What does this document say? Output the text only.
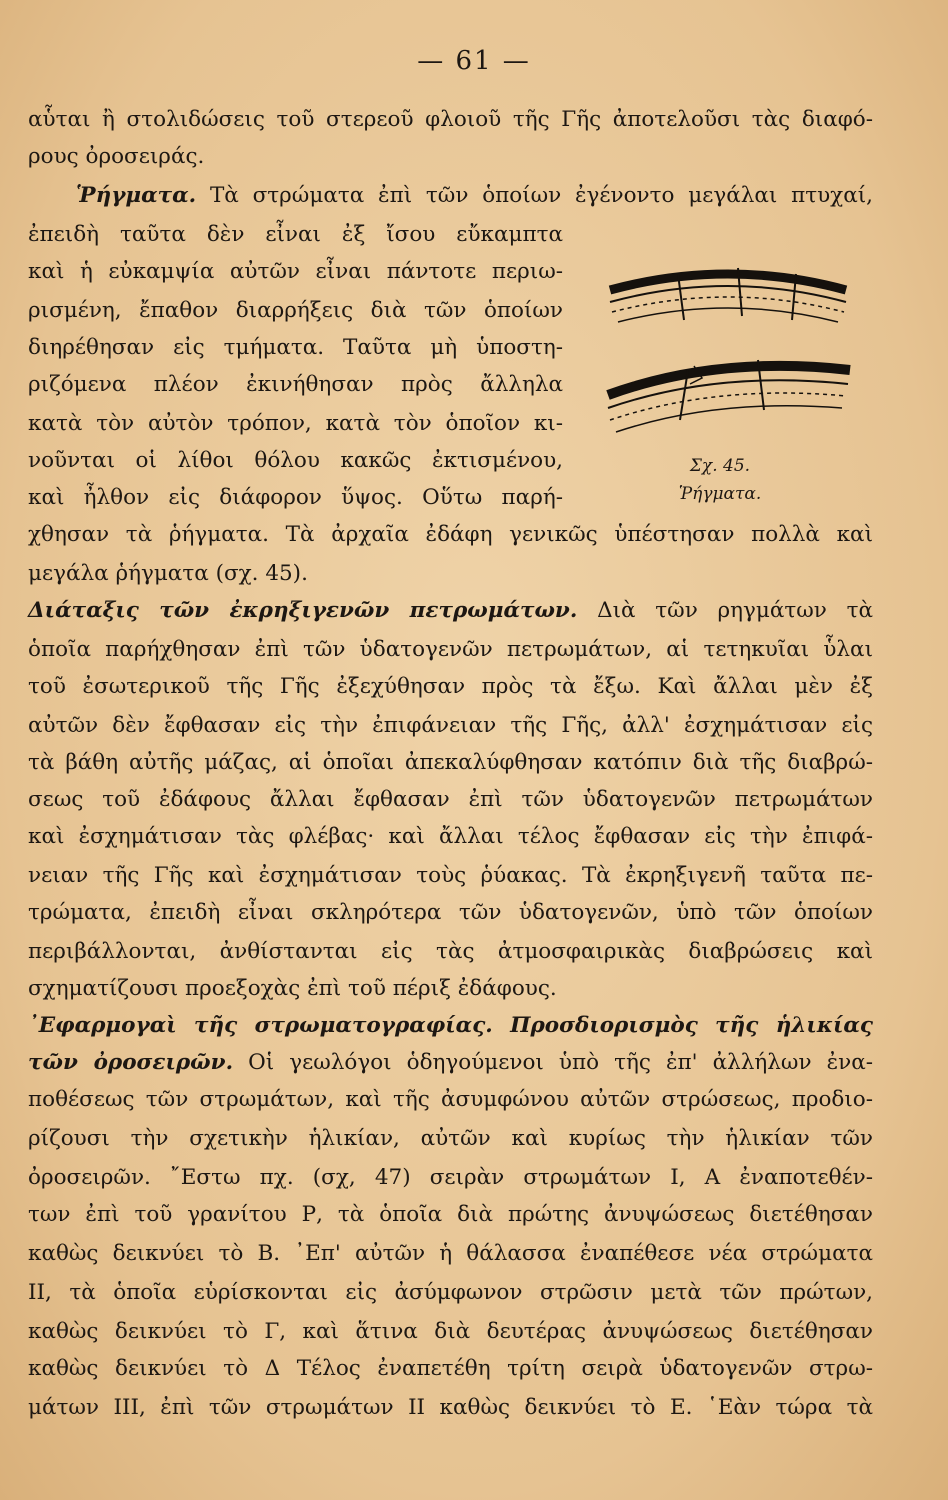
— 61 —
αὗται ἢ στολιδώσεις τοῦ στερεοῦ φλοιοῦ τῆς Γῆς ἀποτελοῦσι τὰς διαφό-
ρους ὀροσειράς.
Ῥήγματα. Τὰ στρώματα ἐπὶ τῶν ὁποίων ἐγένοντο μεγάλαι πτυχαί,
ἐπειδὴ ταῦτα δὲν εἶναι ἐξ ἴσου εὔκαμπτα
καὶ ἡ εὐκαμψία αὐτῶν εἶναι πάντοτε περιω-
ρισμένη, ἔπαθον διαρρήξεις διὰ τῶν ὁποίων
διηρέθησαν εἰς τμήματα. Ταῦτα μὴ ὑποστη-
ριζόμενα πλέον ἐκινήθησαν πρὸς ἄλληλα
κατὰ τὸν αὐτὸν τρόπον, κατὰ τὸν ὁποῖον κι-
νοῦνται οἱ λίθοι θόλου κακῶς ἐκτισμένου,
καὶ ἦλθον εἰς διάφορον ὕψος. Οὕτω παρή-
χθησαν τὰ ῥήγματα. Τὰ ἀρχαῖα ἐδάφη γενικῶς ὑπέστησαν πολλὰ καὶ
μεγάλα ῥήγματα (σχ. 45).
Διάταξις τῶν ἐκρηξιγενῶν πετρωμάτων. Διὰ τῶν ρηγμάτων τὰ
ὁποῖα παρήχθησαν ἐπὶ τῶν ὑδατογενῶν πετρωμάτων, αἱ τετηκυῖαι ὗλαι
τοῦ ἐσωτερικοῦ τῆς Γῆς ἐξεχύθησαν πρὸς τὰ ἔξω. Καὶ ἄλλαι μὲν ἐξ
αὐτῶν δὲν ἔφθασαν εἰς τὴν ἐπιφάνειαν τῆς Γῆς, ἀλλ' ἐσχημάτισαν εἰς
τὰ βάθη αὐτῆς μάζας, αἱ ὁποῖαι ἀπεκαλύφθησαν κατόπιν διὰ τῆς διαβρώ-
σεως τοῦ ἐδάφους ἄλλαι ἔφθασαν ἐπὶ τῶν ὑδατογενῶν πετρωμάτων
καὶ ἐσχημάτισαν τὰς φλέβας· καὶ ἄλλαι τέλος ἔφθασαν εἰς τὴν ἐπιφά-
νειαν τῆς Γῆς καὶ ἐσχημάτισαν τοὺς ῥύακας. Τὰ ἐκρηξιγενῆ ταῦτα πε-
τρώματα, ἐπειδὴ εἶναι σκληρότερα τῶν ὑδατογενῶν, ὑπὸ τῶν ὁποίων
περιβάλλονται, ἀνθίστανται εἰς τὰς ἀτμοσφαιρικὰς διαβρώσεις καὶ
σχηματίζουσι προεξοχὰς ἐπὶ τοῦ πέριξ ἐδάφους.
᾿Εφαρμογαὶ τῆς στρωματογραφίας. Προσδιορισμὸς τῆς ἡλικίας
τῶν ὀροσειρῶν. Οἱ γεωλόγοι ὁδηγούμενοι ὑπὸ τῆς ἐπ' ἀλλήλων ἐνα-
ποθέσεως τῶν στρωμάτων, καὶ τῆς ἀσυμφώνου αὐτῶν στρώσεως, προδιο-
ρίζουσι τὴν σχετικὴν ἡλικίαν, αὐτῶν καὶ κυρίως τὴν ἡλικίαν τῶν
ὀροσειρῶν. ῎Εστω πχ. (σχ, 47) σειρὰν στρωμάτων Ι, Α ἐναποτεθέν-
των ἐπὶ τοῦ γρανίτου Ρ, τὰ ὁποῖα διὰ πρώτης ἀνυψώσεως διετέθησαν
καθὼς δεικνύει τὸ Β. ᾿Επ' αὐτῶν ἡ θάλασσα ἐναπέθεσε νέα στρώματα
ΙΙ, τὰ ὁποῖα εὑρίσκονται εἰς ἀσύμφωνον στρῶσιν μετὰ τῶν πρώτων,
καθὼς δεικνύει τὸ Γ, καὶ ἅτινα διὰ δευτέρας ἀνυψώσεως διετέθησαν
καθὼς δεικνύει τὸ Δ Τέλος ἐναπετέθη τρίτη σειρὰ ὑδατογενῶν στρω-
μάτων ΙΙΙ, ἐπὶ τῶν στρωμάτων ΙΙ καθὼς δεικνύει τὸ Ε. ῾Εὰν τώρα τὰ
Σχ. 45.
Ῥήγματα.
